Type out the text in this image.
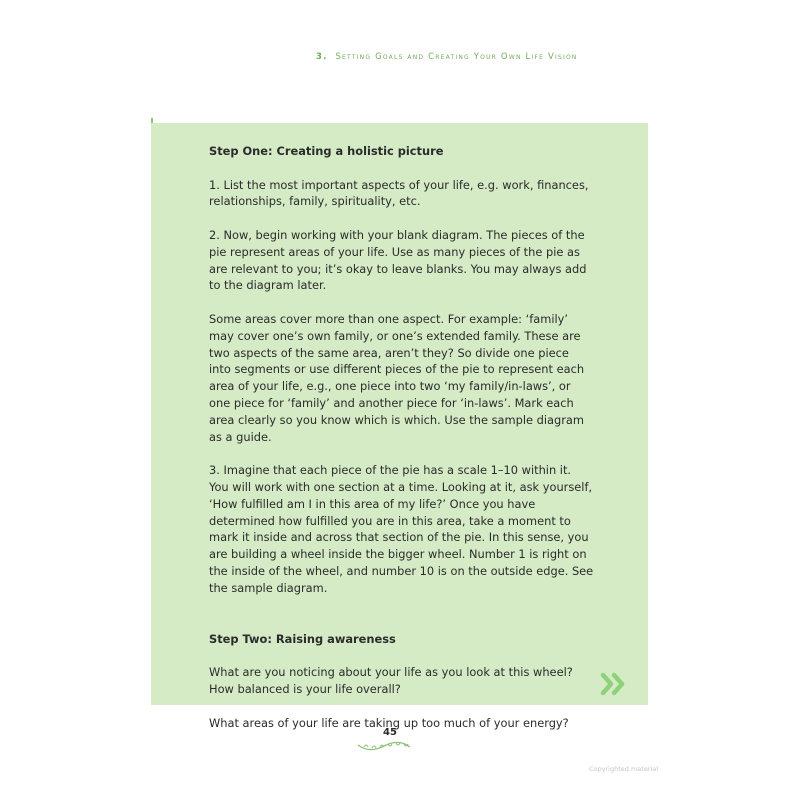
3. Setting Goals and Creating Your Own Life Vision
Step One: Creating a holistic picture

1. List the most important aspects of your life, e.g. work, finances, relationships, family, spirituality, etc.

2. Now, begin working with your blank diagram. The pieces of the pie represent areas of your life. Use as many pieces of the pie as are relevant to you; it’s okay to leave blanks. You may always add to the diagram later.

Some areas cover more than one aspect. For example: ‘family’ may cover one’s own family, or one’s extended family. These are two aspects of the same area, aren’t they? So divide one piece into segments or use different pieces of the pie to represent each area of your life, e.g., one piece into two ‘my family/in-laws’, or one piece for ‘family’ and another piece for ‘in-laws’. Mark each area clearly so you know which is which. Use the sample diagram as a guide.

3. Imagine that each piece of the pie has a scale 1–10 within it. You will work with one section at a time. Looking at it, ask yourself, ‘How fulfilled am I in this area of my life?’ Once you have determined how fulfilled you are in this area, take a moment to mark it inside and across that section of the pie. In this sense, you are building a wheel inside the bigger wheel. Number 1 is right on the inside of the wheel, and number 10 is on the outside edge. See the sample diagram.

Step Two: Raising awareness

What are you noticing about your life as you look at this wheel? How balanced is your life overall?

What areas of your life are taking up too much of your energy?

45
Copyrighted material
